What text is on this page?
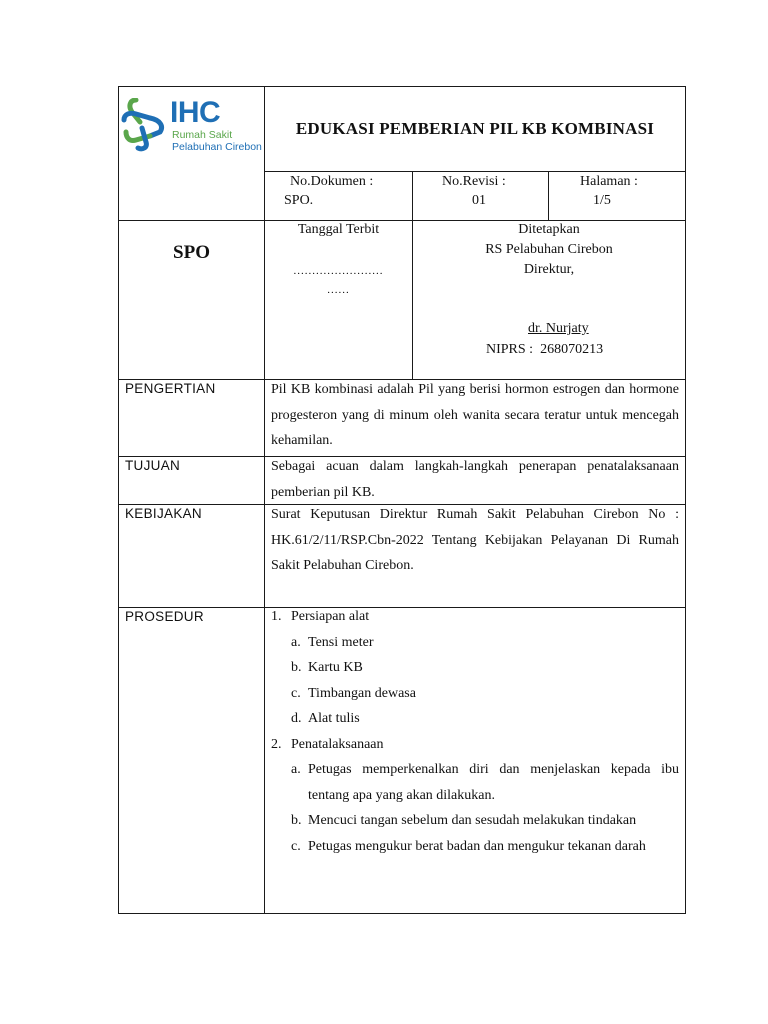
IHC
Rumah Sakit
Pelabuhan Cirebon
EDUKASI PEMBERIAN PIL KB KOMBINASI
No.Dokumen :
SPO.
No.Revisi :
01
Halaman :
1/5
SPO
Tanggal Terbit
........................
......
Ditetapkan
RS Pelabuhan Cirebon
Direktur,
dr. Nurjaty
NIPRS :  268070213
PENGERTIAN	Pil KB kombinasi adalah Pil yang berisi hormon estrogen dan hormone progesteron yang di minum oleh wanita secara teratur untuk mencegah kehamilan.
TUJUAN	Sebagai acuan dalam langkah-langkah penerapan penatalaksanaan pemberian pil KB.
KEBIJAKAN	Surat Keputusan Direktur Rumah Sakit Pelabuhan Cirebon No : HK.61/2/11/RSP.Cbn-2022 Tentang Kebijakan Pelayanan Di Rumah Sakit Pelabuhan Cirebon.
PROSEDUR	1. Persiapan alat
a. Tensi meter
b. Kartu KB
c. Timbangan dewasa
d. Alat tulis
2. Penatalaksanaan
a. Petugas memperkenalkan diri dan menjelaskan kepada ibu tentang apa yang akan dilakukan.
b. Mencuci tangan sebelum dan sesudah melakukan tindakan
c. Petugas mengukur berat badan dan mengukur tekanan darah
